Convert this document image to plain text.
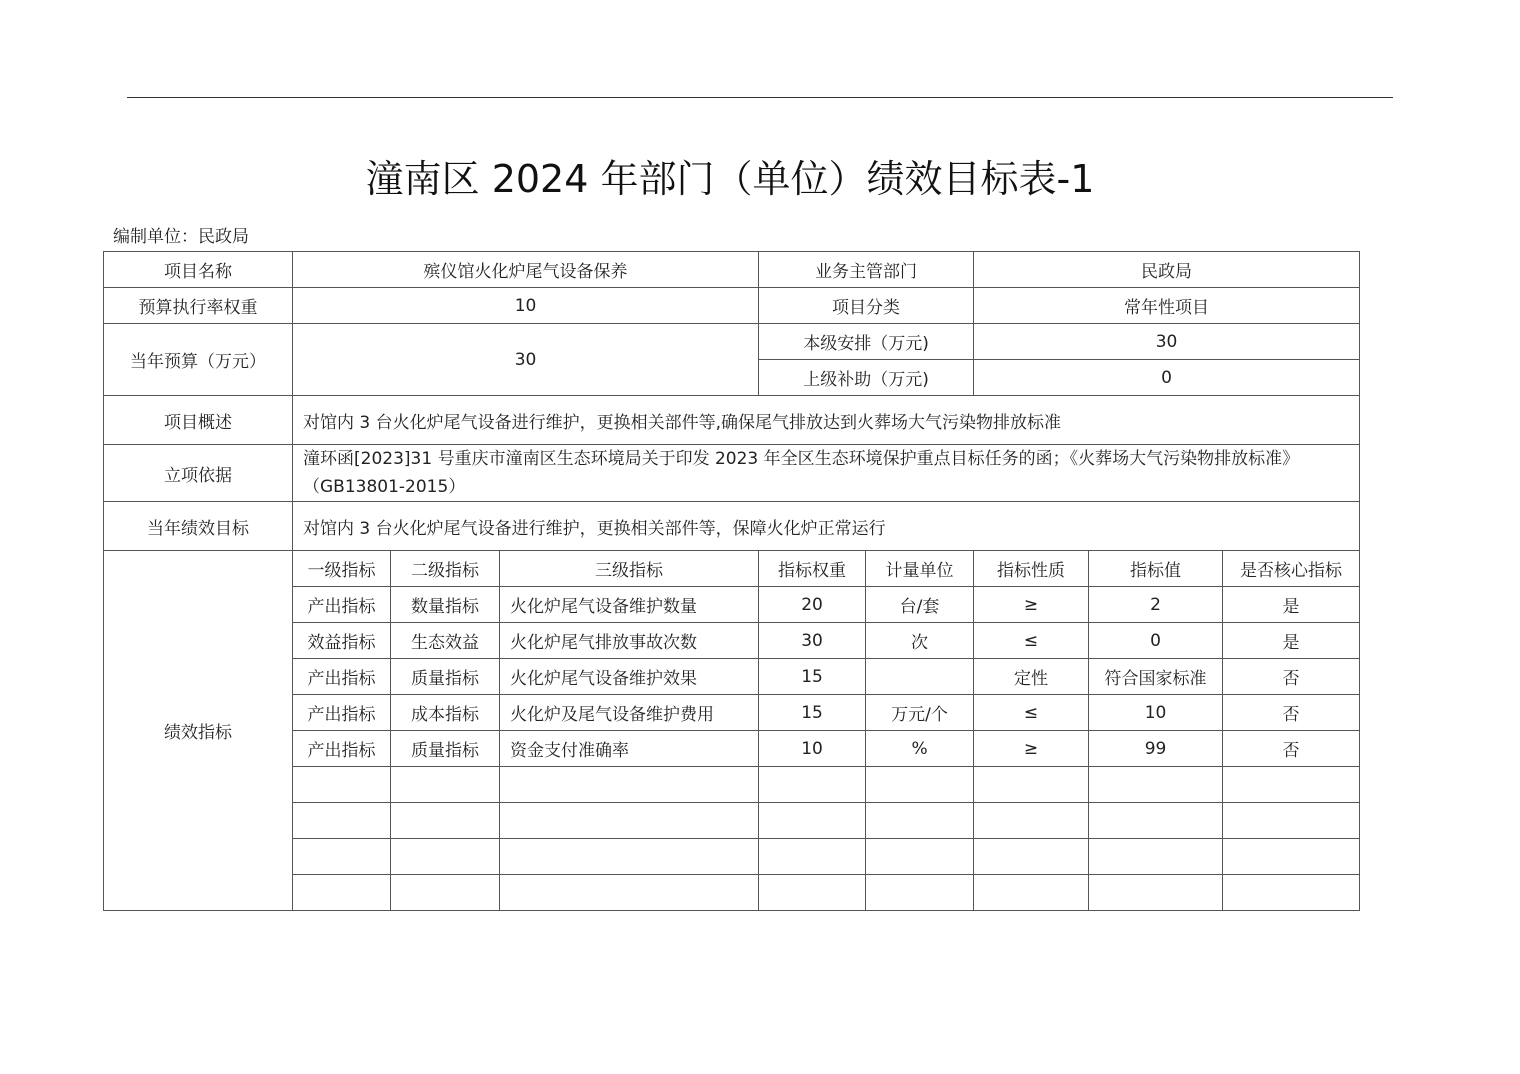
潼南区 2024 年部门（单位）绩效目标表-1
编制单位：民政局
项目名称	殡仪馆火化炉尾气设备保养			业务主管部门		民政局		
预算执行率权重	10			项目分类		常年性项目		
当年预算（万元）	30			本级安排（万元)		30		
				上级补助（万元)		0		
项目概述	对馆内 3 台火化炉尾气设备进行维护，更换相关部件等,确保尾气排放达到火葬场大气污染物排放标准							
立项依据	潼环函[2023]31 号重庆市潼南区生态环境局关于印发 2023 年全区生态环境保护重点目标任务的函；《火葬场大气污染物排放标准》（GB13801-2015）							
当年绩效目标	对馆内 3 台火化炉尾气设备进行维护，更换相关部件等，保障火化炉正常运行							
绩效指标	一级指标	二级指标	三级指标	指标权重	计量单位	指标性质	指标值	是否核心指标
	产出指标	数量指标	火化炉尾气设备维护数量	20	台/套	≥	2	是
	效益指标	生态效益	火化炉尾气排放事故次数	30	次	≤	0	是
	产出指标	质量指标	火化炉尾气设备维护效果	15		定性	符合国家标准	否
	产出指标	成本指标	火化炉及尾气设备维护费用	15	万元/个	≤	10	否
	产出指标	质量指标	资金支付准确率	10	%	≥	99	否
